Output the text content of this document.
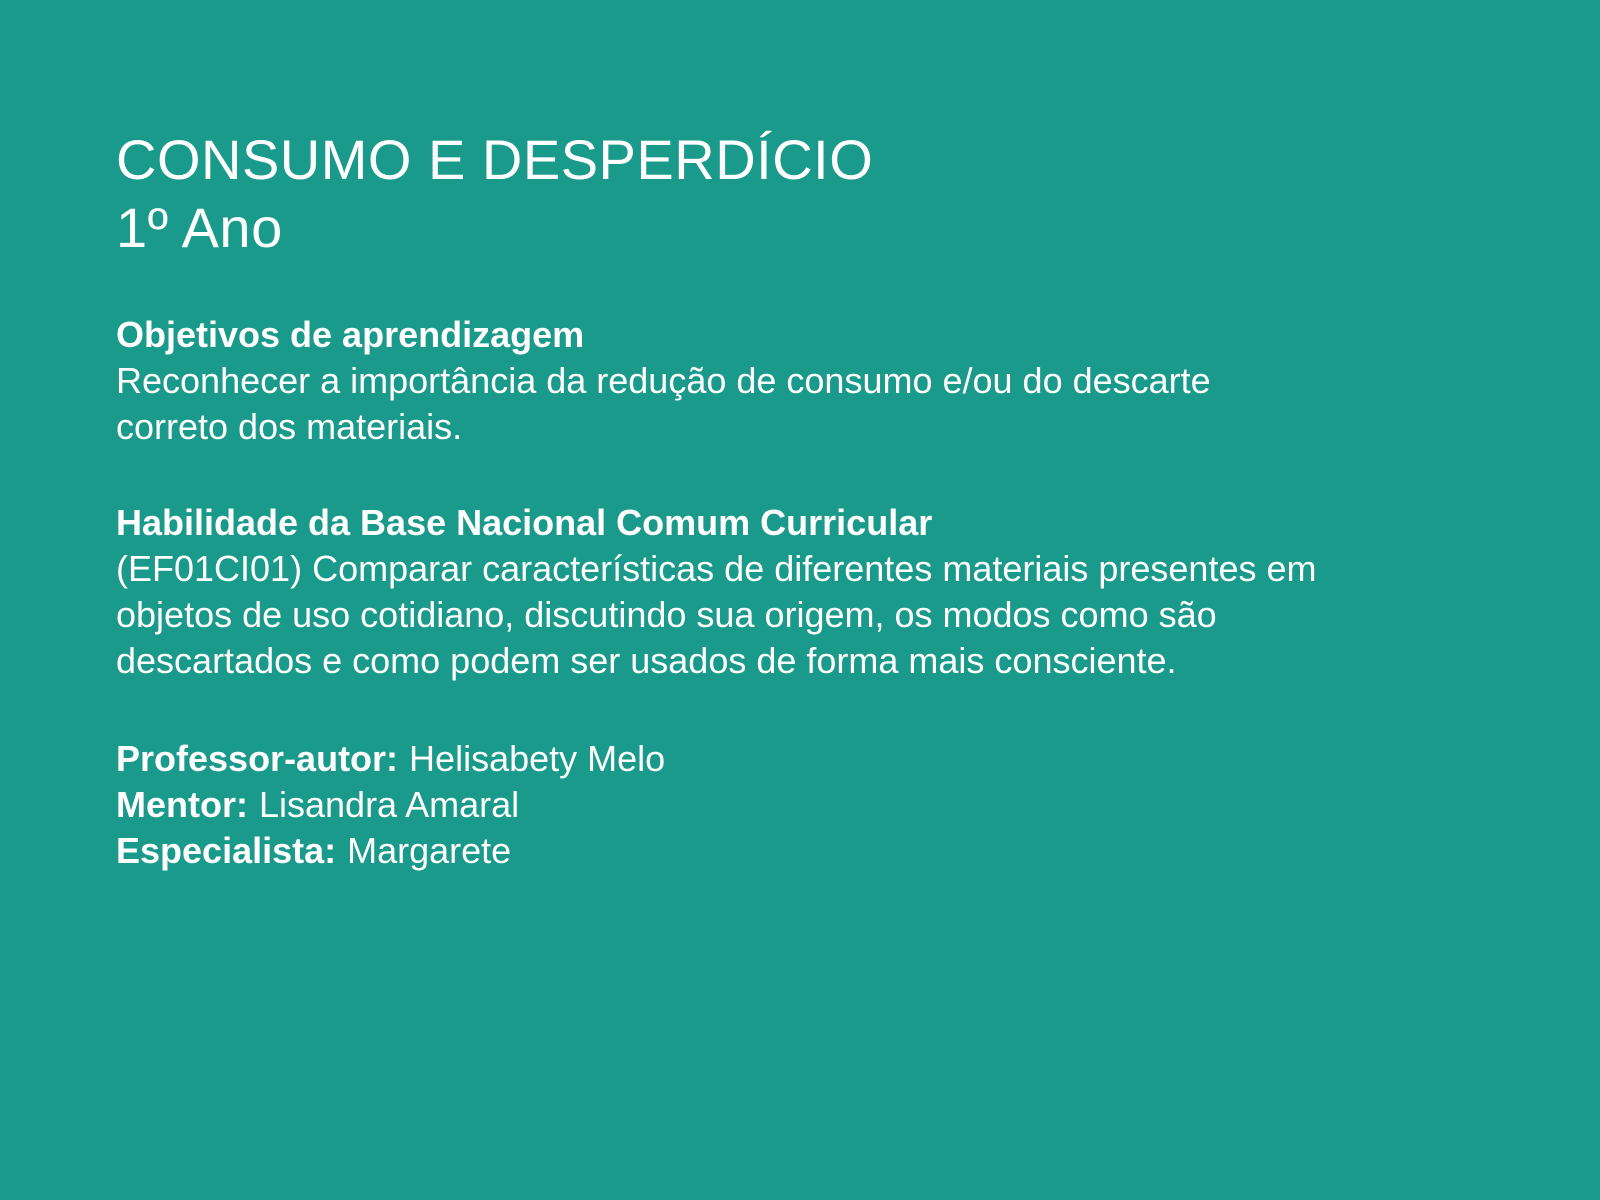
CONSUMO E DESPERDÍCIO
1º Ano
Objetivos de aprendizagem
Reconhecer a importância da redução de consumo e/ou do descarte
correto dos materiais.
Habilidade da Base Nacional Comum Curricular
(EF01CI01) Comparar características de diferentes materiais presentes em
objetos de uso cotidiano, discutindo sua origem, os modos como são
descartados e como podem ser usados de forma mais consciente.
Professor-autor: Helisabety Melo
Mentor: Lisandra Amaral
Especialista: Margarete
